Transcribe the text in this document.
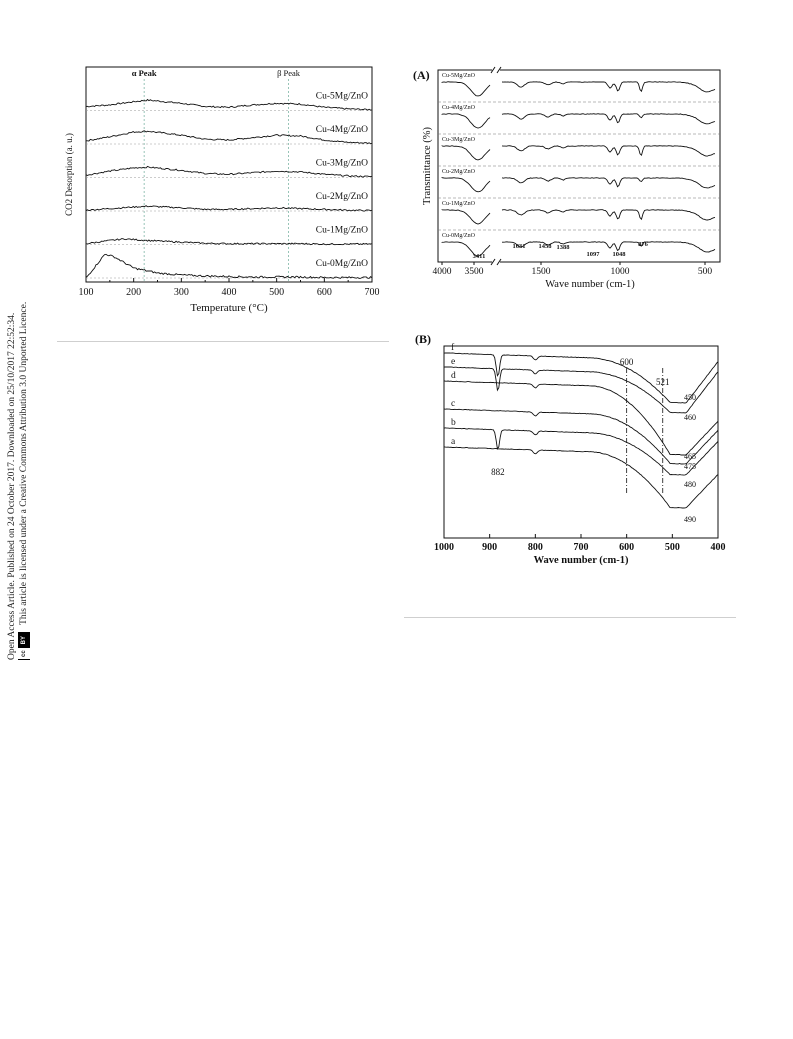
Open Access Article. Published on 24 October 2017. Downloaded on 25/10/2017 22:52:34. cc
BY
This article is licensed under a Creative Commons Attribution 3.0 Unported Licence.
100	200	300	400	500	600	700
Temperature (°C)
CO2 Desorption (a. u.)
α Peak	β Peak
Cu-5Mg/ZnO
Cu-4Mg/ZnO
Cu-3Mg/ZnO
Cu-2Mg/ZnO
Cu-1Mg/ZnO
Cu-0Mg/ZnO
(A)
4000 3500	1500	1000	500
Wave number (cm-1)
Transmittance (%)
Cu-5Mg/ZnO
Cu-4Mg/ZnO
Cu-3Mg/ZnO
Cu-2Mg/ZnO
Cu-1Mg/ZnO
Cu-0Mg/ZnO
3411
1631 1458 1388
1097 1048
876
(B)
1000	900	800	700	600	500	400
Wave number (cm-1)
600
521
f
450
e
460
d
465
c
475
b
480
a
490
882
